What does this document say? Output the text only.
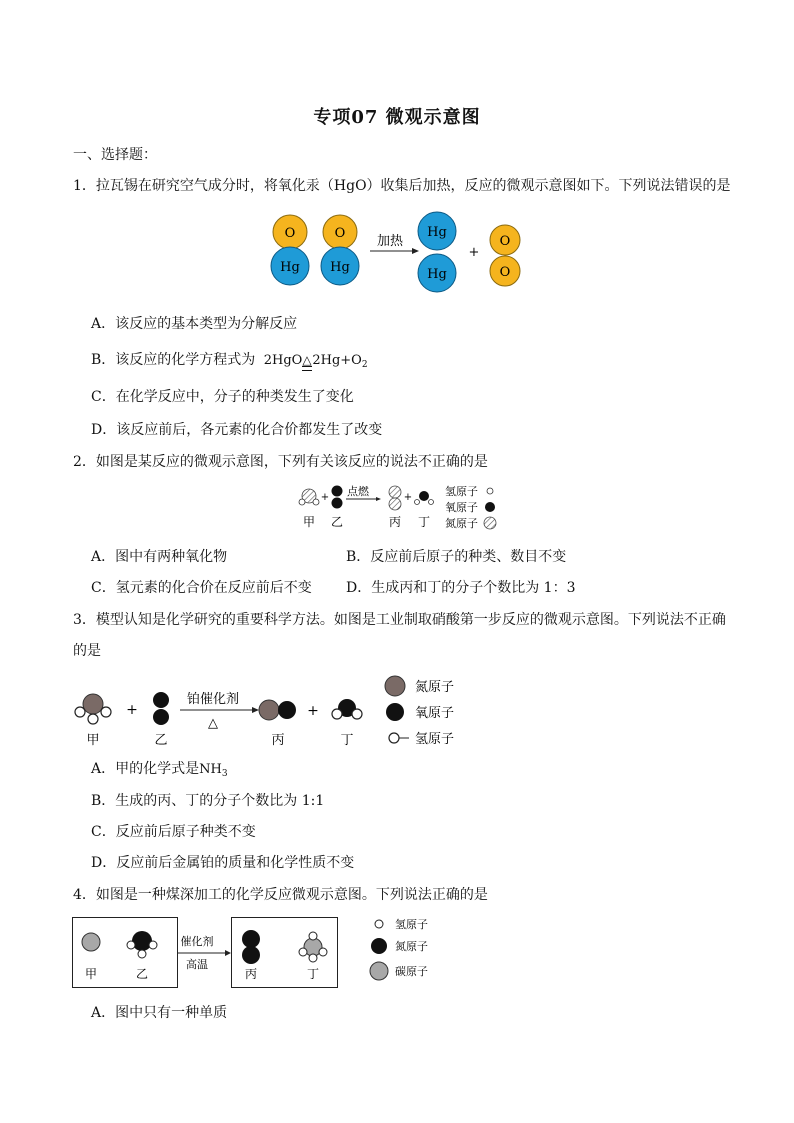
专项07 微观示意图
一、选择题：
1．拉瓦锡在研究空气成分时，将氧化汞（HgO）收集后加热，反应的微观示意图如下。下列说法错误的是
O
Hg
O
Hg
加热
Hg
Hg
+
O
O
A．该反应的基本类型为分解反应
B．该反应的化学方程式为 2HgO △ $2Hg+O_2$
C．在化学反应中，分子的种类发生了变化
D．该反应前后，各元素的化合价都发生了改变
2．如图是某反应的微观示意图，下列有关该反应的说法不正确的是
+ 点燃	+
甲 乙	丙 丁
氢原子
氧原子
氮原子
A．图中有两种氧化物	B．反应前后原子的种类、数目不变
C．氢元素的化合价在反应前后不变 D．生成丙和丁的分子个数比为 1：3
3．模型认知是化学研究的重要科学方法。如图是工业制取硝酸第一步反应的微观示意图。下列说法不正确
的是
+
铂催化剂
△
+
甲	乙	丙	丁
氮原子
氧原子
氢原子
A．甲的化学式是$NH_3$
B．生成的丙、丁的分子个数比为 1:1
C．反应前后原子种类不变
D．反应前后金属铂的质量和化学性质不变
4．如图是一种煤深加工的化学反应微观示意图。下列说法正确的是
甲	乙
催化剂
高温
丙	丁
氢原子
氮原子
碳原子
A．图中只有一种单质
